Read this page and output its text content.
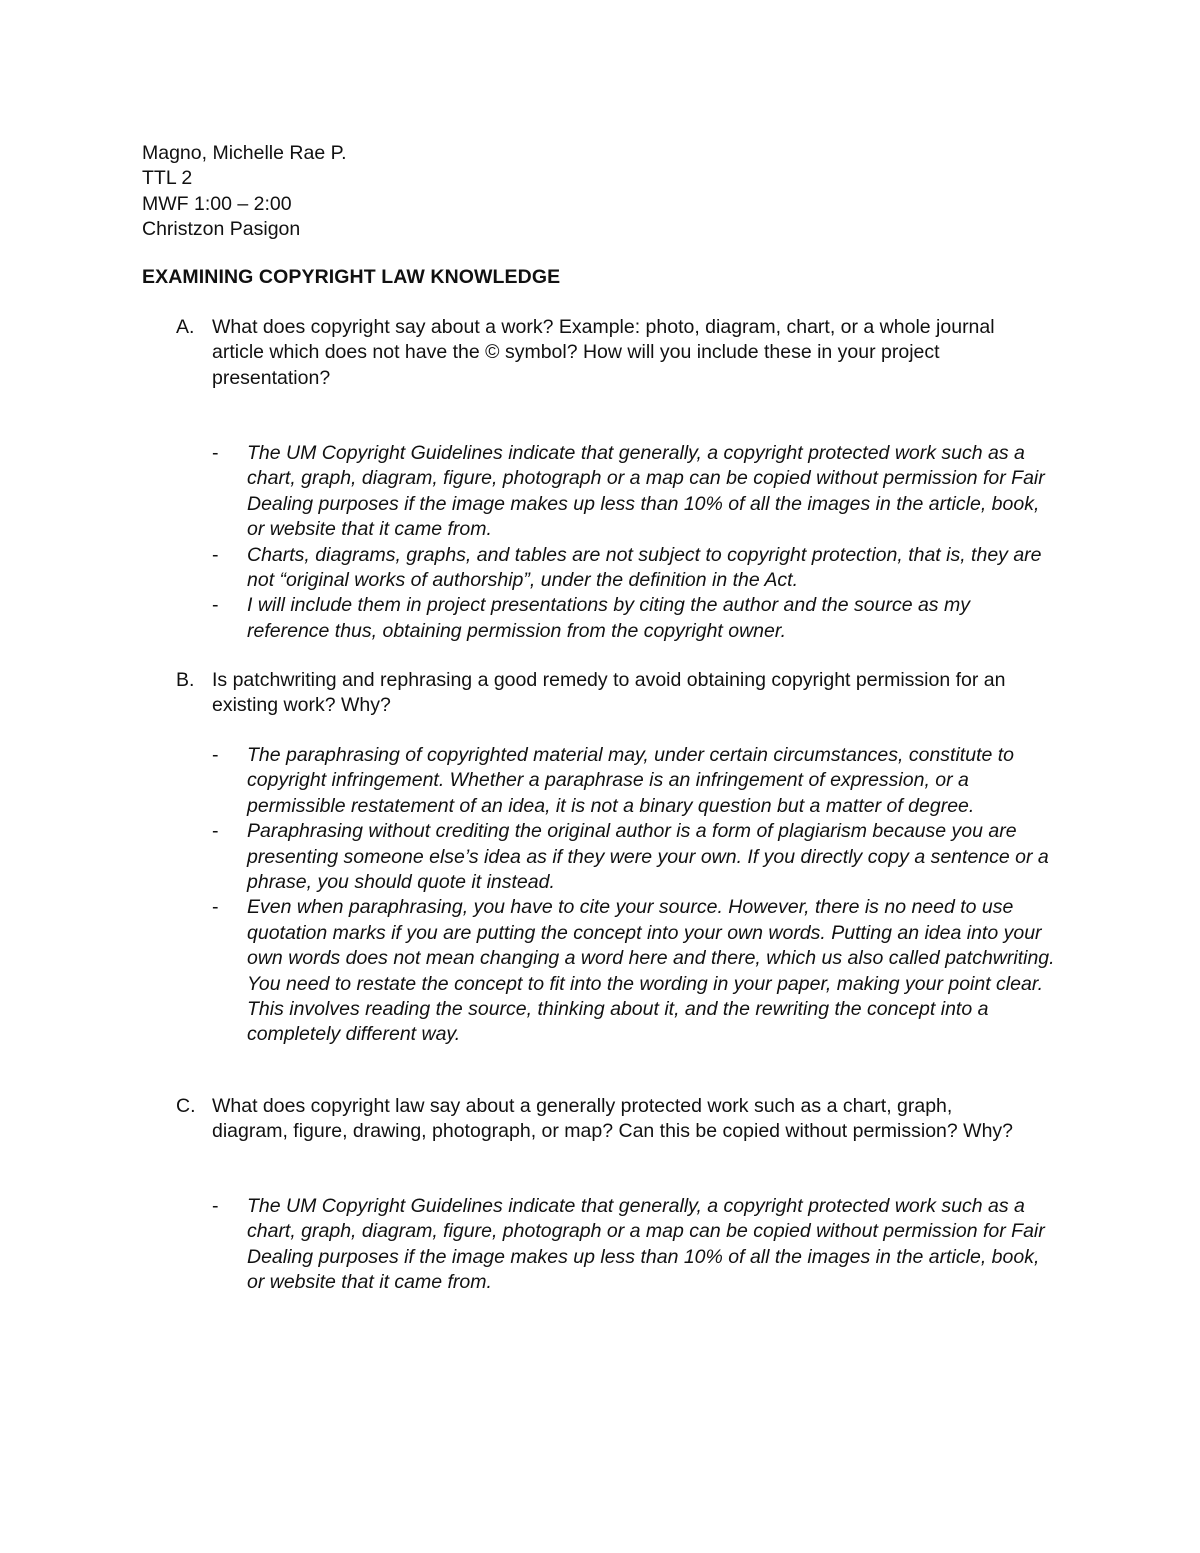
Magno, Michelle Rae P.
TTL 2
MWF 1:00 – 2:00
Christzon Pasigon
EXAMINING COPYRIGHT LAW KNOWLEDGE
A. What does copyright say about a work? Example: photo, diagram, chart, or a whole journal article which does not have the © symbol? How will you include these in your project presentation?

- The UM Copyright Guidelines indicate that generally, a copyright protected work such as a chart, graph, diagram, figure, photograph or a map can be copied without permission for Fair Dealing purposes if the image makes up less than 10% of all the images in the article, book, or website that it came from.

- Charts, diagrams, graphs, and tables are not subject to copyright protection, that is, they are not “original works of authorship”, under the definition in the Act.

- I will include them in project presentations by citing the author and the source as my reference thus, obtaining permission from the copyright owner.

B. Is patchwriting and rephrasing a good remedy to avoid obtaining copyright permission for an existing work? Why?

- The paraphrasing of copyrighted material may, under certain circumstances, constitute to copyright infringement. Whether a paraphrase is an infringement of expression, or a permissible restatement of an idea, it is not a binary question but a matter of degree.

- Paraphrasing without crediting the original author is a form of plagiarism because you are presenting someone else’s idea as if they were your own. If you directly copy a sentence or a phrase, you should quote it instead.

- Even when paraphrasing, you have to cite your source. However, there is no need to use quotation marks if you are putting the concept into your own words. Putting an idea into your own words does not mean changing a word here and there, which us also called patchwriting. You need to restate the concept to fit into the wording in your paper, making your point clear. This involves reading the source, thinking about it, and the rewriting the concept into a completely different way.

C. What does copyright law say about a generally protected work such as a chart, graph, diagram, figure, drawing, photograph, or map? Can this be copied without permission? Why?

- The UM Copyright Guidelines indicate that generally, a copyright protected work such as a chart, graph, diagram, figure, photograph or a map can be copied without permission for Fair Dealing purposes if the image makes up less than 10% of all the images in the article, book, or website that it came from.
